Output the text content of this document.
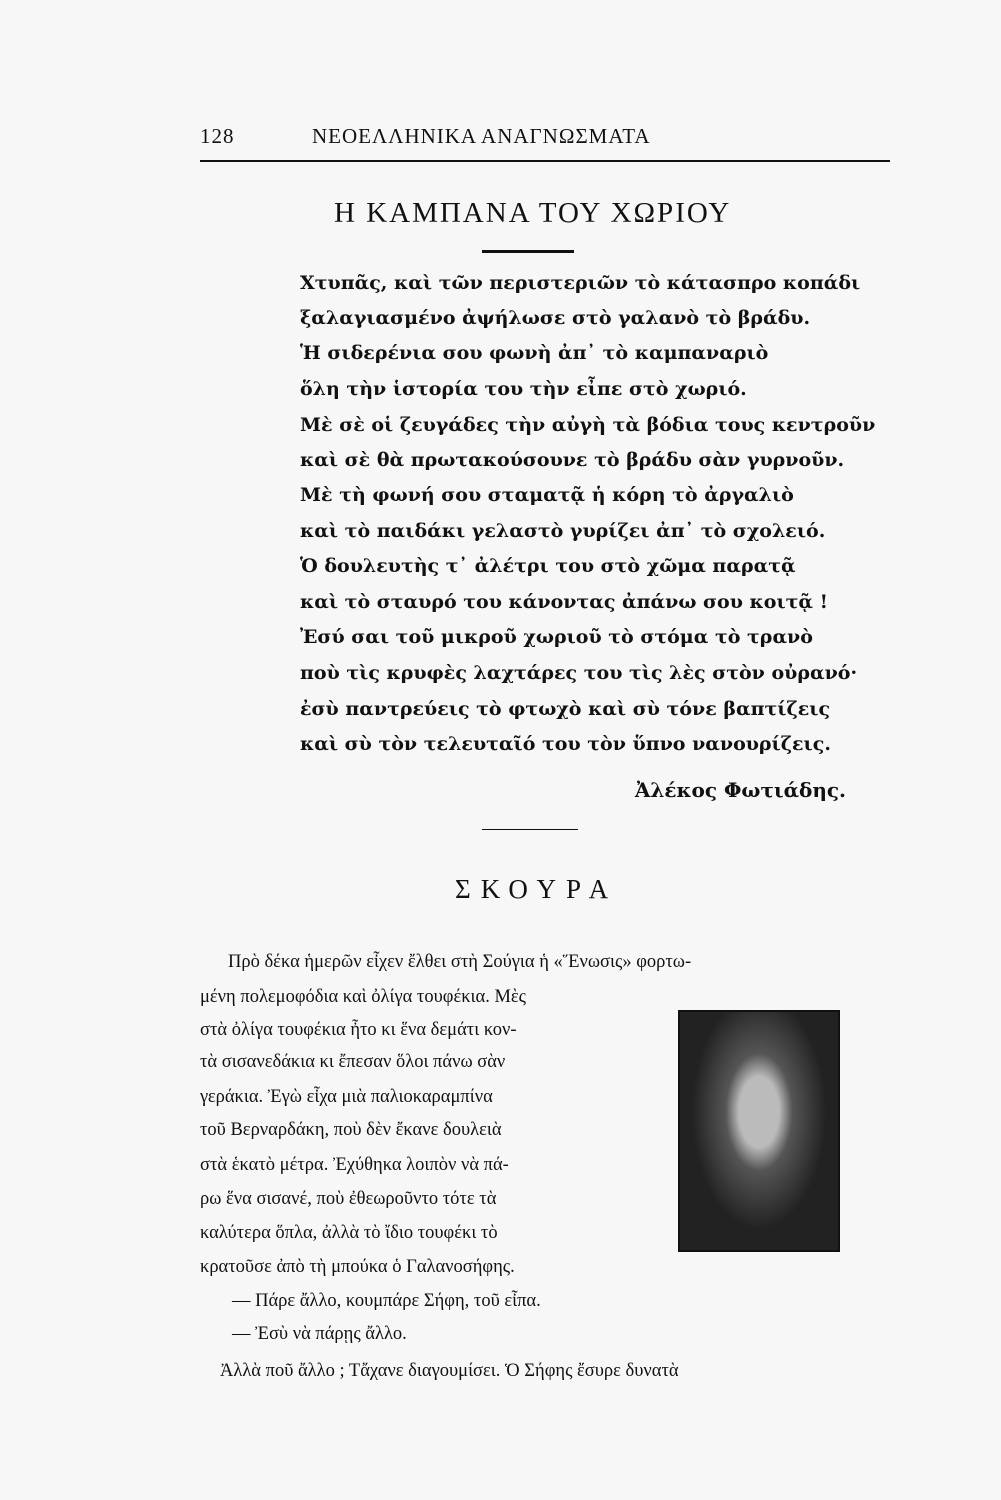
128	ΝΕΟΕΛΛΗΝΙΚΑ ΑΝΑΓΝΩΣΜΑΤΑ
Η ΚΑΜΠΑΝΑ ΤΟΥ ΧΩΡΙΟΥ
Χτυπᾶς, καὶ τῶν περιστεριῶν τὸ κάτασπρο κοπάδι
ξαλαγιασμένο ἀψήλωσε στὸ γαλανὸ τὸ βράδυ.
Ἡ σιδερένια σου φωνὴ ἀπ᾽ τὸ καμπαναριὸ
ὅλη τὴν ἱστορία του τὴν εἶπε στὸ χωριό.
Μὲ σὲ οἱ ζευγάδες τὴν αὐγὴ τὰ βόδια τους κεντροῦν
καὶ σὲ θὰ πρωτακούσουνε τὸ βράδυ σὰν γυρνοῦν.
Μὲ τὴ φωνή σου σταματᾷ ἡ κόρη τὸ ἀργαλιὸ
καὶ τὸ παιδάκι γελαστὸ γυρίζει ἀπ᾽ τὸ σχολειό.
Ὁ δουλευτὴς τ᾽ ἀλέτρι του στὸ χῶμα παρατᾷ
καὶ τὸ σταυρό του κάνοντας ἀπάνω σου κοιτᾷ !
Ἐσύ σαι τοῦ μικροῦ χωριοῦ τὸ στόμα τὸ τρανὸ
ποὺ τὶς κρυφὲς λαχτάρες του τὶς λὲς στὸν οὐρανό·
ἐσὺ παντρεύεις τὸ φτωχὸ καὶ σὺ τόνε βαπτίζεις
καὶ σὺ τὸν τελευταῖό του τὸν ὕπνο νανουρίζεις.
Ἀλέκος Φωτιάδης.
ΣΚΟΥΡΑ
Πρὸ δέκα ἡμερῶν εἶχεν ἔλθει στὴ Σούγια ἡ «Ἕνωσις» φορτω-
μένη πολεμοφόδια καὶ ὀλίγα τουφέκια. Μὲς
στὰ ὀλίγα τουφέκια ἦτο κι ἕνα δεμάτι κον-
τὰ σισανεδάκια κι ἔπεσαν ὅλοι πάνω σὰν
γεράκια. Ἐγὼ εἶχα μιὰ παλιοκαραμπίνα
τοῦ Βερναρδάκη, ποὺ δὲν ἔκανε δουλειὰ
στὰ ἑκατὸ μέτρα. Ἐχύθηκα λοιπὸν νὰ πά-
ρω ἕνα σισανέ, ποὺ ἐθεωροῦντο τότε τὰ
καλύτερα ὅπλα, ἀλλὰ τὸ ἴδιο τουφέκι τὸ
κρατοῦσε ἀπὸ τὴ μπούκα ὁ Γαλανοσήφης.
— Πάρε ἄλλο, κουμπάρε Σήφη, τοῦ εἶπα.
— Ἐσὺ νὰ πάρῃς ἄλλο.
Ἀλλὰ ποῦ ἄλλο ; Τἄχανε διαγουμίσει. Ὁ Σήφης ἔσυρε δυνατὰ
